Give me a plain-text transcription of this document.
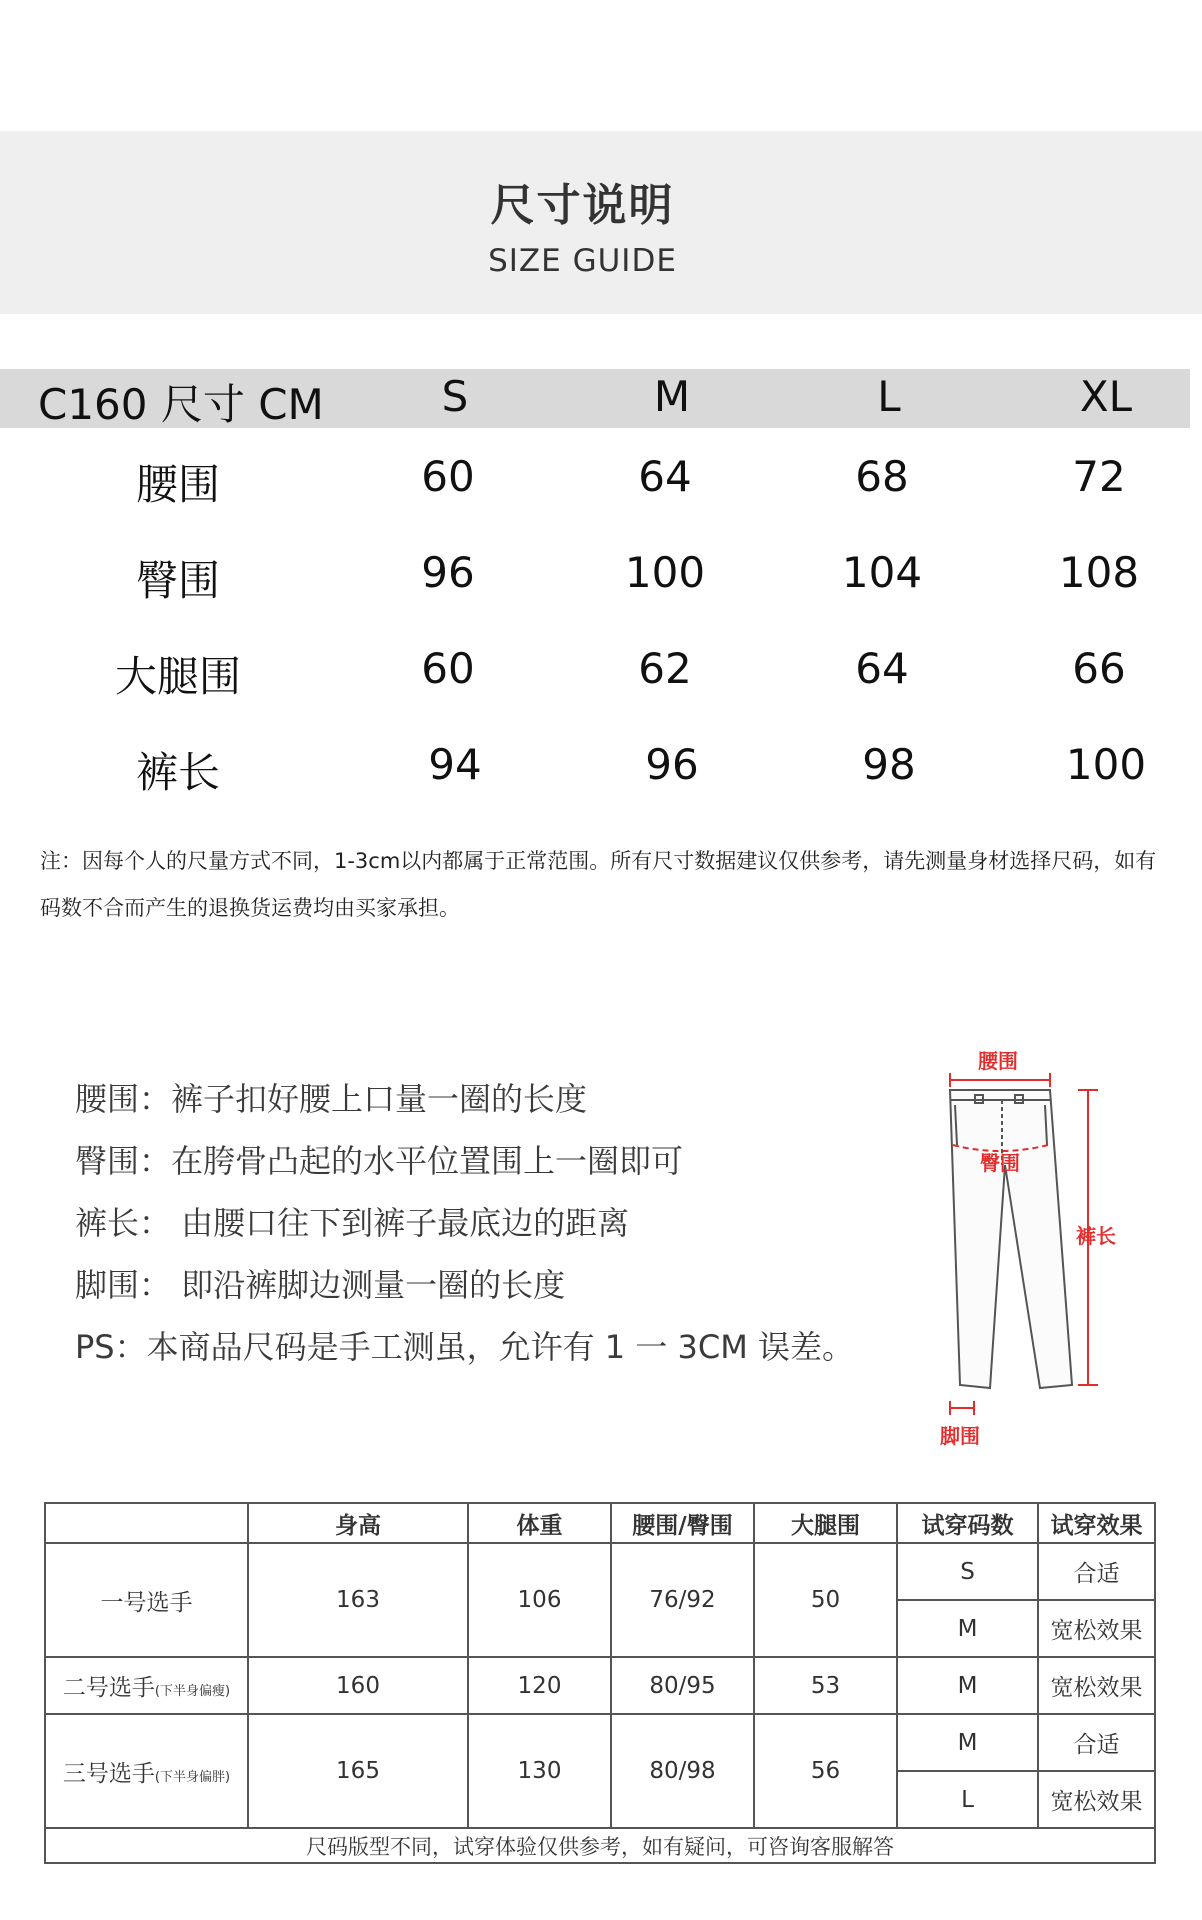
尺寸说明
SIZE GUIDE
C160 尺寸 CM	S	M	L	XL
腰围	60	64	68	72
臀围	96	100	104	108
大腿围	60	62	64	66
裤长	94	96	98	100
注：因每个人的尺量方式不同，1-3cm以内都属于正常范围。所有尺寸数据建议仅供参考，请先测量身材选择尺码，如有码数不合而产生的退换货运费均由买家承担。
腰围：裤子扣好腰上口量一圈的长度
臀围：在胯骨凸起的水平位置围上一圈即可
裤长： 由腰口往下到裤子最底边的距离
脚围： 即沿裤脚边测量一圈的长度
PS：本商品尺码是手工测虽，允许有 1 一 3CM 误差。
腰围
臀围
裤长
脚围
	身高	体重	腰围/臀围	大腿围	试穿码数	试穿效果
一号选手	163	106	76/92	50	S	合适
					M	宽松效果
二号选手(下半身偏瘦)	160	120	80/95	53	M	宽松效果
三号选手(下半身偏胖)	165	130	80/98	56	M	合适
					L	宽松效果
尺码版型不同，试穿体验仅供参考，如有疑问，可咨询客服解答						
